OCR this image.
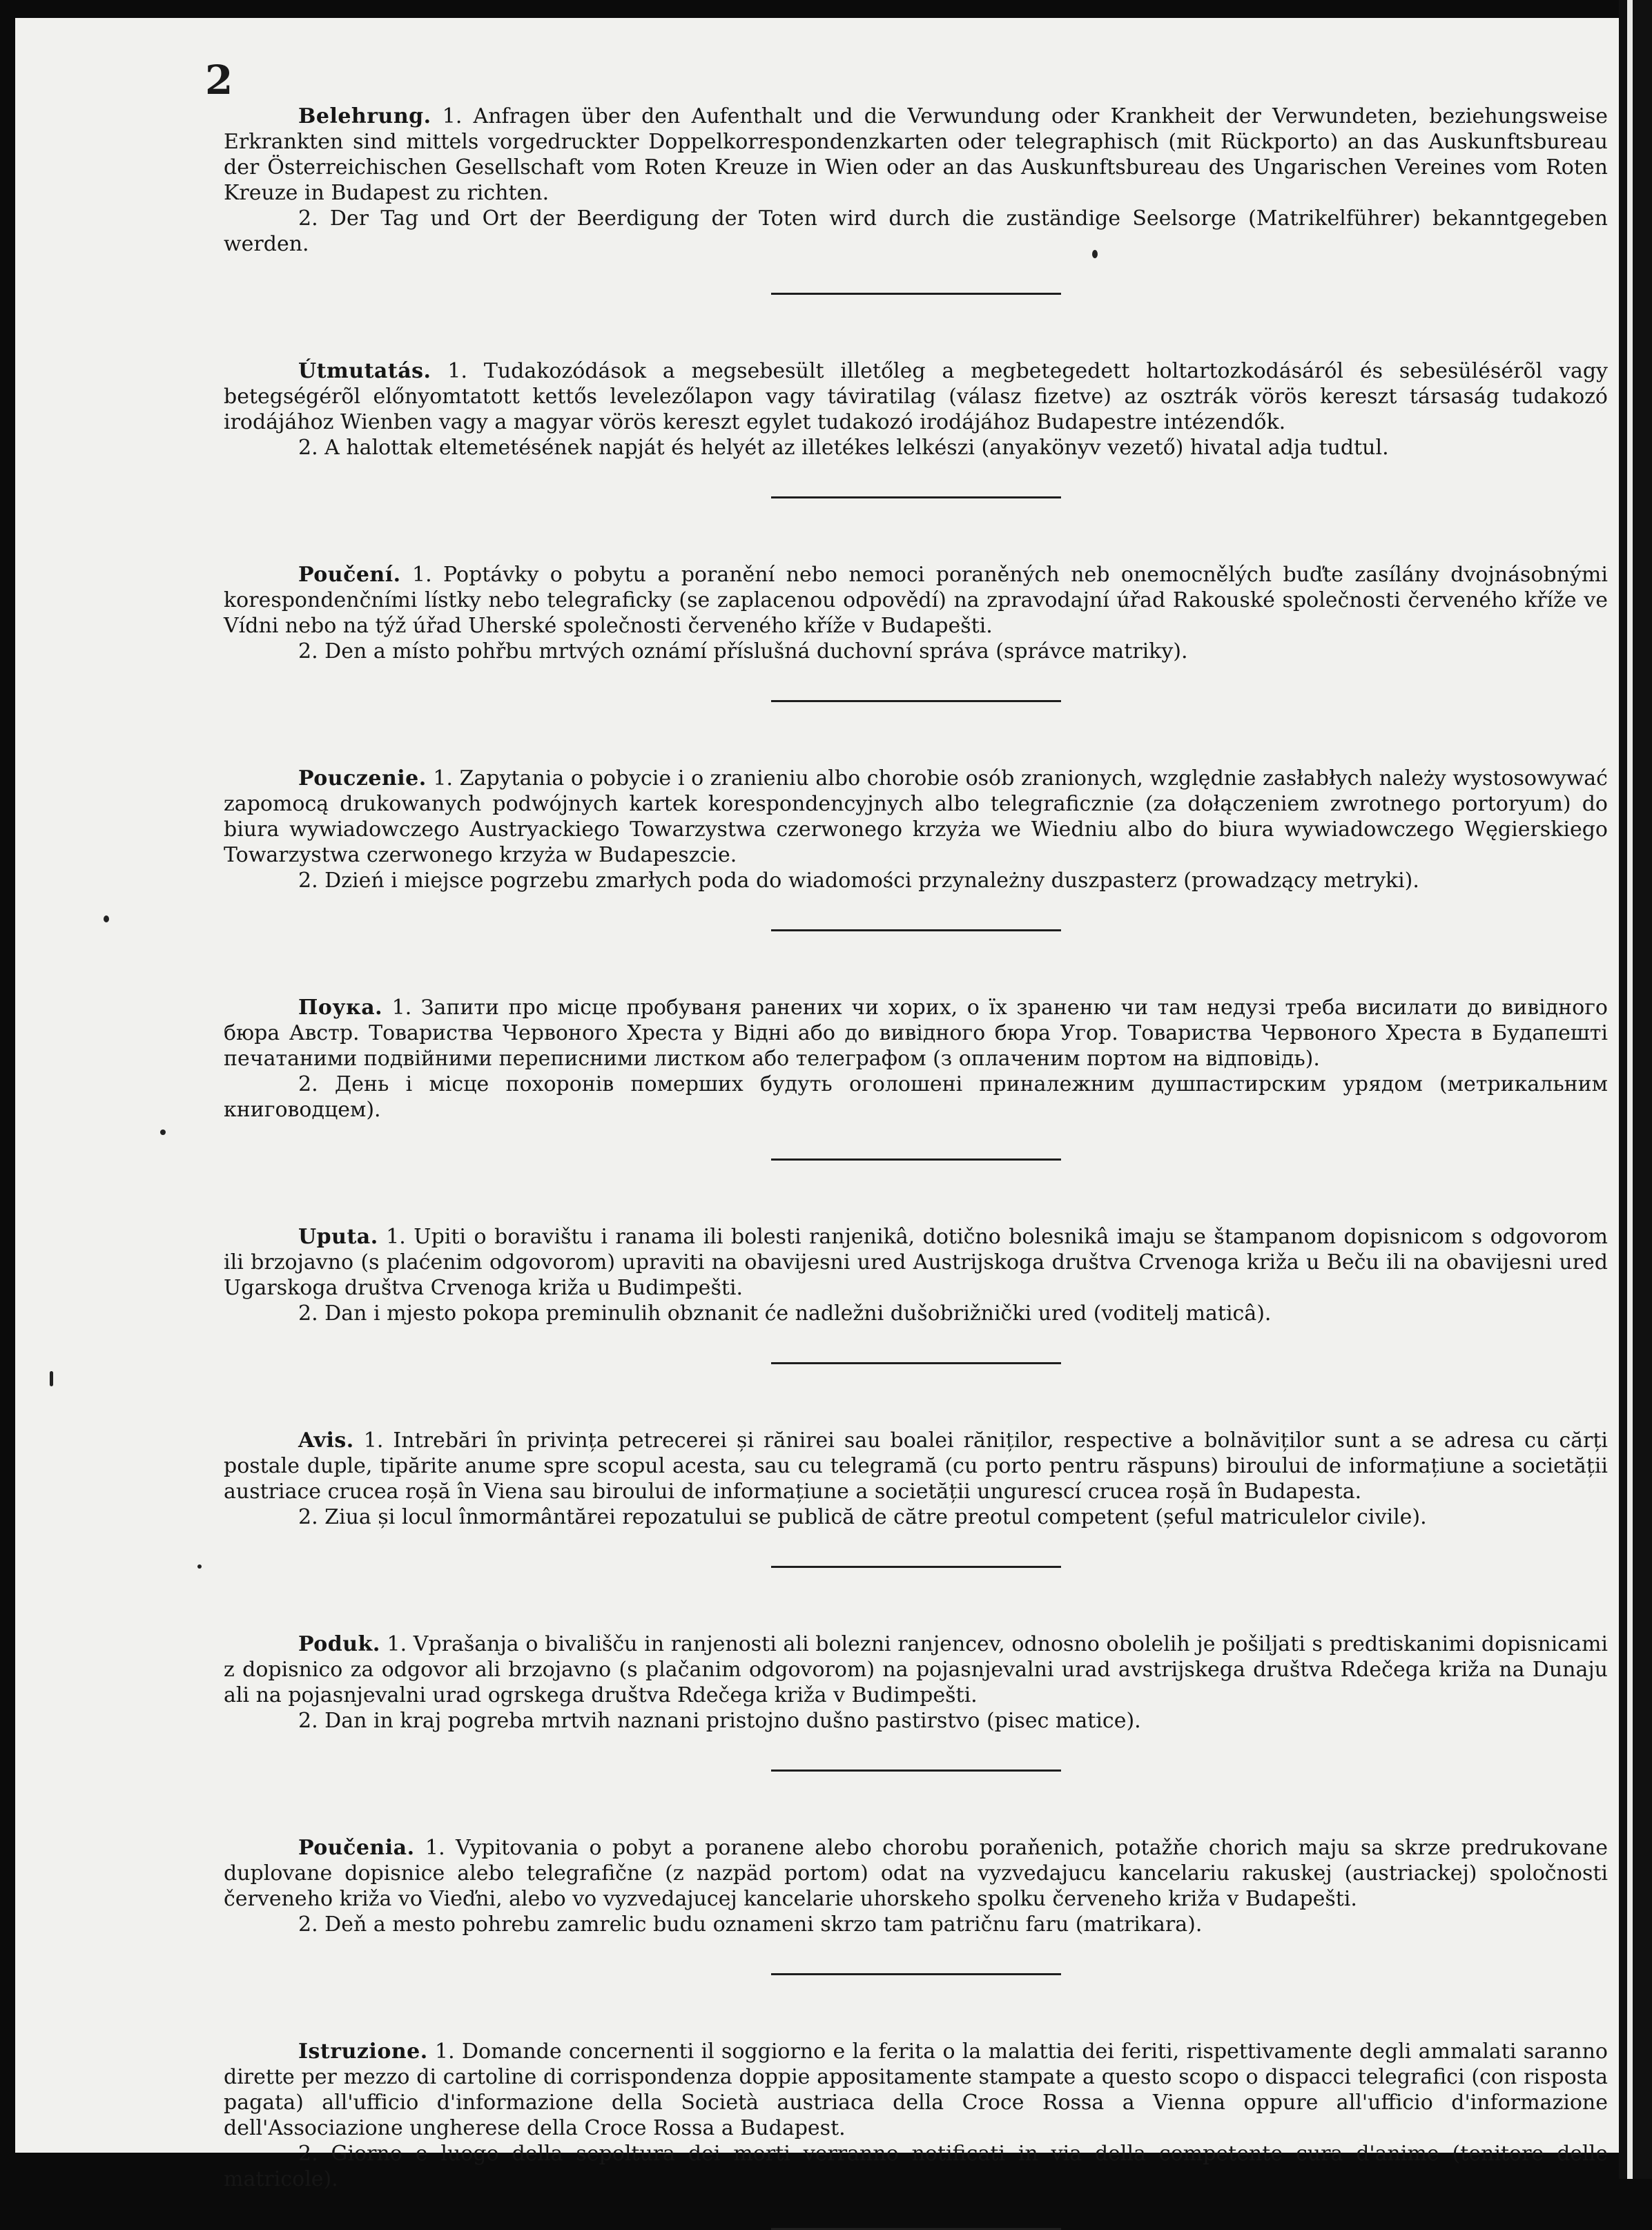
2

Belehrung. 1. Anfragen über den Aufenthalt und die Verwundung oder Krankheit der Verwundeten, beziehungsweise Erkrankten sind mittels vorgedruckter Doppelkorrespondenzkarten oder telegraphisch (mit Rückporto) an das Auskunftsbureau der Österreichischen Gesellschaft vom Roten Kreuze in Wien oder an das Auskunftsbureau des Ungarischen Vereines vom Roten Kreuze in Budapest zu richten.

2. Der Tag und Ort der Beerdigung der Toten wird durch die zuständige Seelsorge (Matrikelführer) bekanntgegeben werden.

Útmutatás. 1. Tudakozódások a megsebesült illetőleg a megbetegedett holtartozkodásáról és sebesülésérõl vagy betegségérõl előnyomtatott kettős levelezőlapon vagy táviratilag (válasz fizetve) az osztrák vörös kereszt társaság tudakozó irodájához Wienben vagy a magyar vörös kereszt egylet tudakozó irodájához Budapestre intézendők.

2. A halottak eltemetésének napját és helyét az illetékes lelkészi (anyakönyv vezető) hivatal adja tudtul.

Poučení. 1. Poptávky o pobytu a poranění nebo nemoci poraněných neb onemocnělých buďte zasílány dvojnásobnými korespondenčními lístky nebo telegraficky (se zaplacenou odpovědí) na zpravodajní úřad Rakouské společnosti červeného kříže ve Vídni nebo na týž úřad Uherské společnosti červeného kříže v Budapešti.

2. Den a místo pohřbu mrtvých oznámí příslušná duchovní správa (správce matriky).

Pouczenie. 1. Zapytania o pobycie i o zranieniu albo chorobie osób zranionych, względnie zasłabłych należy wystosowywać zapomocą drukowanych podwójnych kartek korespondencyjnych albo telegraficznie (za dołączeniem zwrotnego portoryum) do biura wywiadowczego Austryackiego Towarzystwa czerwonego krzyża we Wiedniu albo do biura wywiadowczego Węgierskiego Towarzystwa czerwonego krzyża w Budapeszcie.

2. Dzień i miejsce pogrzebu zmarłych poda do wiadomości przynależny duszpasterz (prowadzący metryki).

Поука. 1. Запити про місце пробуваня ранених чи хорих, о їх зраненю чи там недузі треба висилати до вивідного бюра Австр. Товариства Червоного Хреста у Відні або до вивідного бюра Угор. Товариства Червоного Хреста в Будапешті печатаними подвійними переписними листком або телеграфом (з оплаченим портом на відповідь).

2. День і місце похоронів померших будуть оголошені приналежним душпастирским урядом (метрикальним книговодцем).

Uputa. 1. Upiti o boravištu i ranama ili bolesti ranjenikâ, dotično bolesnikâ imaju se štampanom dopisnicom s odgovorom ili brzojavno (s plaćenim odgovorom) upraviti na obavijesni ured Austrijskoga društva Crvenoga križa u Beču ili na obavijesni ured Ugarskoga društva Crvenoga križa u Budimpešti.

2. Dan i mjesto pokopa preminulih obznanit će nadležni dušobrižnički ured (voditelj maticâ).

Avis. 1. Intrebări în privința petrecerei și rănirei sau boalei răniților, respective a bolnăviților sunt a se adresa cu cărți postale duple, tipărite anume spre scopul acesta, sau cu telegramă (cu porto pentru răspuns) biroului de informațiune a societății austriace crucea roșă în Viena sau biroului de informațiune a societății ungurescí crucea roșă în Budapesta.

2. Ziua și locul înmormântărei repozatului se publică de către preotul competent (șeful matriculelor civile).

Poduk. 1. Vprašanja o bivališču in ranjenosti ali bolezni ranjencev, odnosno obolelih je pošiljati s predtiskanimi dopisnicami z dopisnico za odgovor ali brzojavno (s plačanim odgovorom) na pojasnjevalni urad avstrijskega društva Rdečega križa na Dunaju ali na pojasnjevalni urad ogrskega društva Rdečega križa v Budimpešti.

2. Dan in kraj pogreba mrtvih naznani pristojno dušno pastirstvo (pisec matice).

Poučenia. 1. Vypitovania o pobyt a poranene alebo chorobu poraňenich, potažňe chorich maju sa skrze predrukovane duplovane dopisnice alebo telegrafične (z nazpäd portom) odat na vyzvedajucu kancelariu rakuskej (austriackej) spoločnosti červeneho križa vo Vieďni, alebo vo vyzvedajucej kancelarie uhorskeho spolku červeneho križa v Budapešti.

2. Deň a mesto pohrebu zamrelic budu oznameni skrzo tam patričnu faru (matrikara).

Istruzione. 1. Domande concernenti il soggiorno e la ferita o la malattia dei feriti, rispettivamente degli ammalati saranno dirette per mezzo di cartoline di corrispondenza doppie appositamente stampate a questo scopo o dispacci telegrafici (con risposta pagata) all'ufficio d'informazione della Società austriaca della Croce Rossa a Vienna oppure all'ufficio d'informazione dell'Associazione ungherese della Croce Rossa a Budapest.

2. Giorno e luogo della sepoltura dei morti verranno notificati in via della competente cura d'anime (tenitore delle matricole).
